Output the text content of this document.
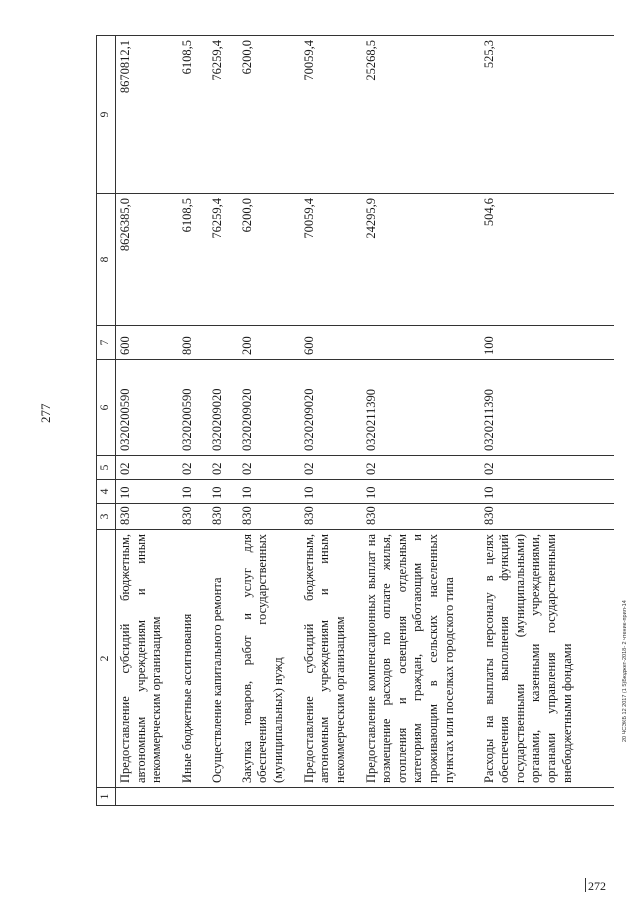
277
1	2	3	4	5	6	7	8	9
	Предоставление субсидий бюджетным, автономным учреждениям и иным некоммерческим организациям	830	10	02	0320200590	600	8626385,0	8670812,1
	Иные бюджетные ассигнования	830	10	02	0320200590	800	6108,5	6108,5
	Осуществление капитального ремонта	830	10	02	0320209020		76259,4	76259,4
	Закупка товаров, работ и услуг для обеспечения государственных (муниципальных) нужд	830	10	02	0320209020	200	6200,0	6200,0
	Предоставление субсидий бюджетным, автономным учреждениям и иным некоммерческим организациям	830	10	02	0320209020	600	70059,4	70059,4
	Предоставление компенсационных выплат на возмещение расходов по оплате жилья, отопления и освещения отдельным категориям граждан, работающим и проживающим в сельских населенных пунктах или поселках городского типа	830	10	02	0320211390		24295,9	25268,5
	Расходы на выплаты персоналу в целях обеспечения выполнения функций государственными (муниципальными) органами, казенными учреждениями, органами управления государственными внебюджетными фондами	830	10	02	0320211390	100	504,6	525,3
20 ЧСЭКБ 12 2017 (1 5)Бюджет-2018- 2 чтение-прил-14
272
